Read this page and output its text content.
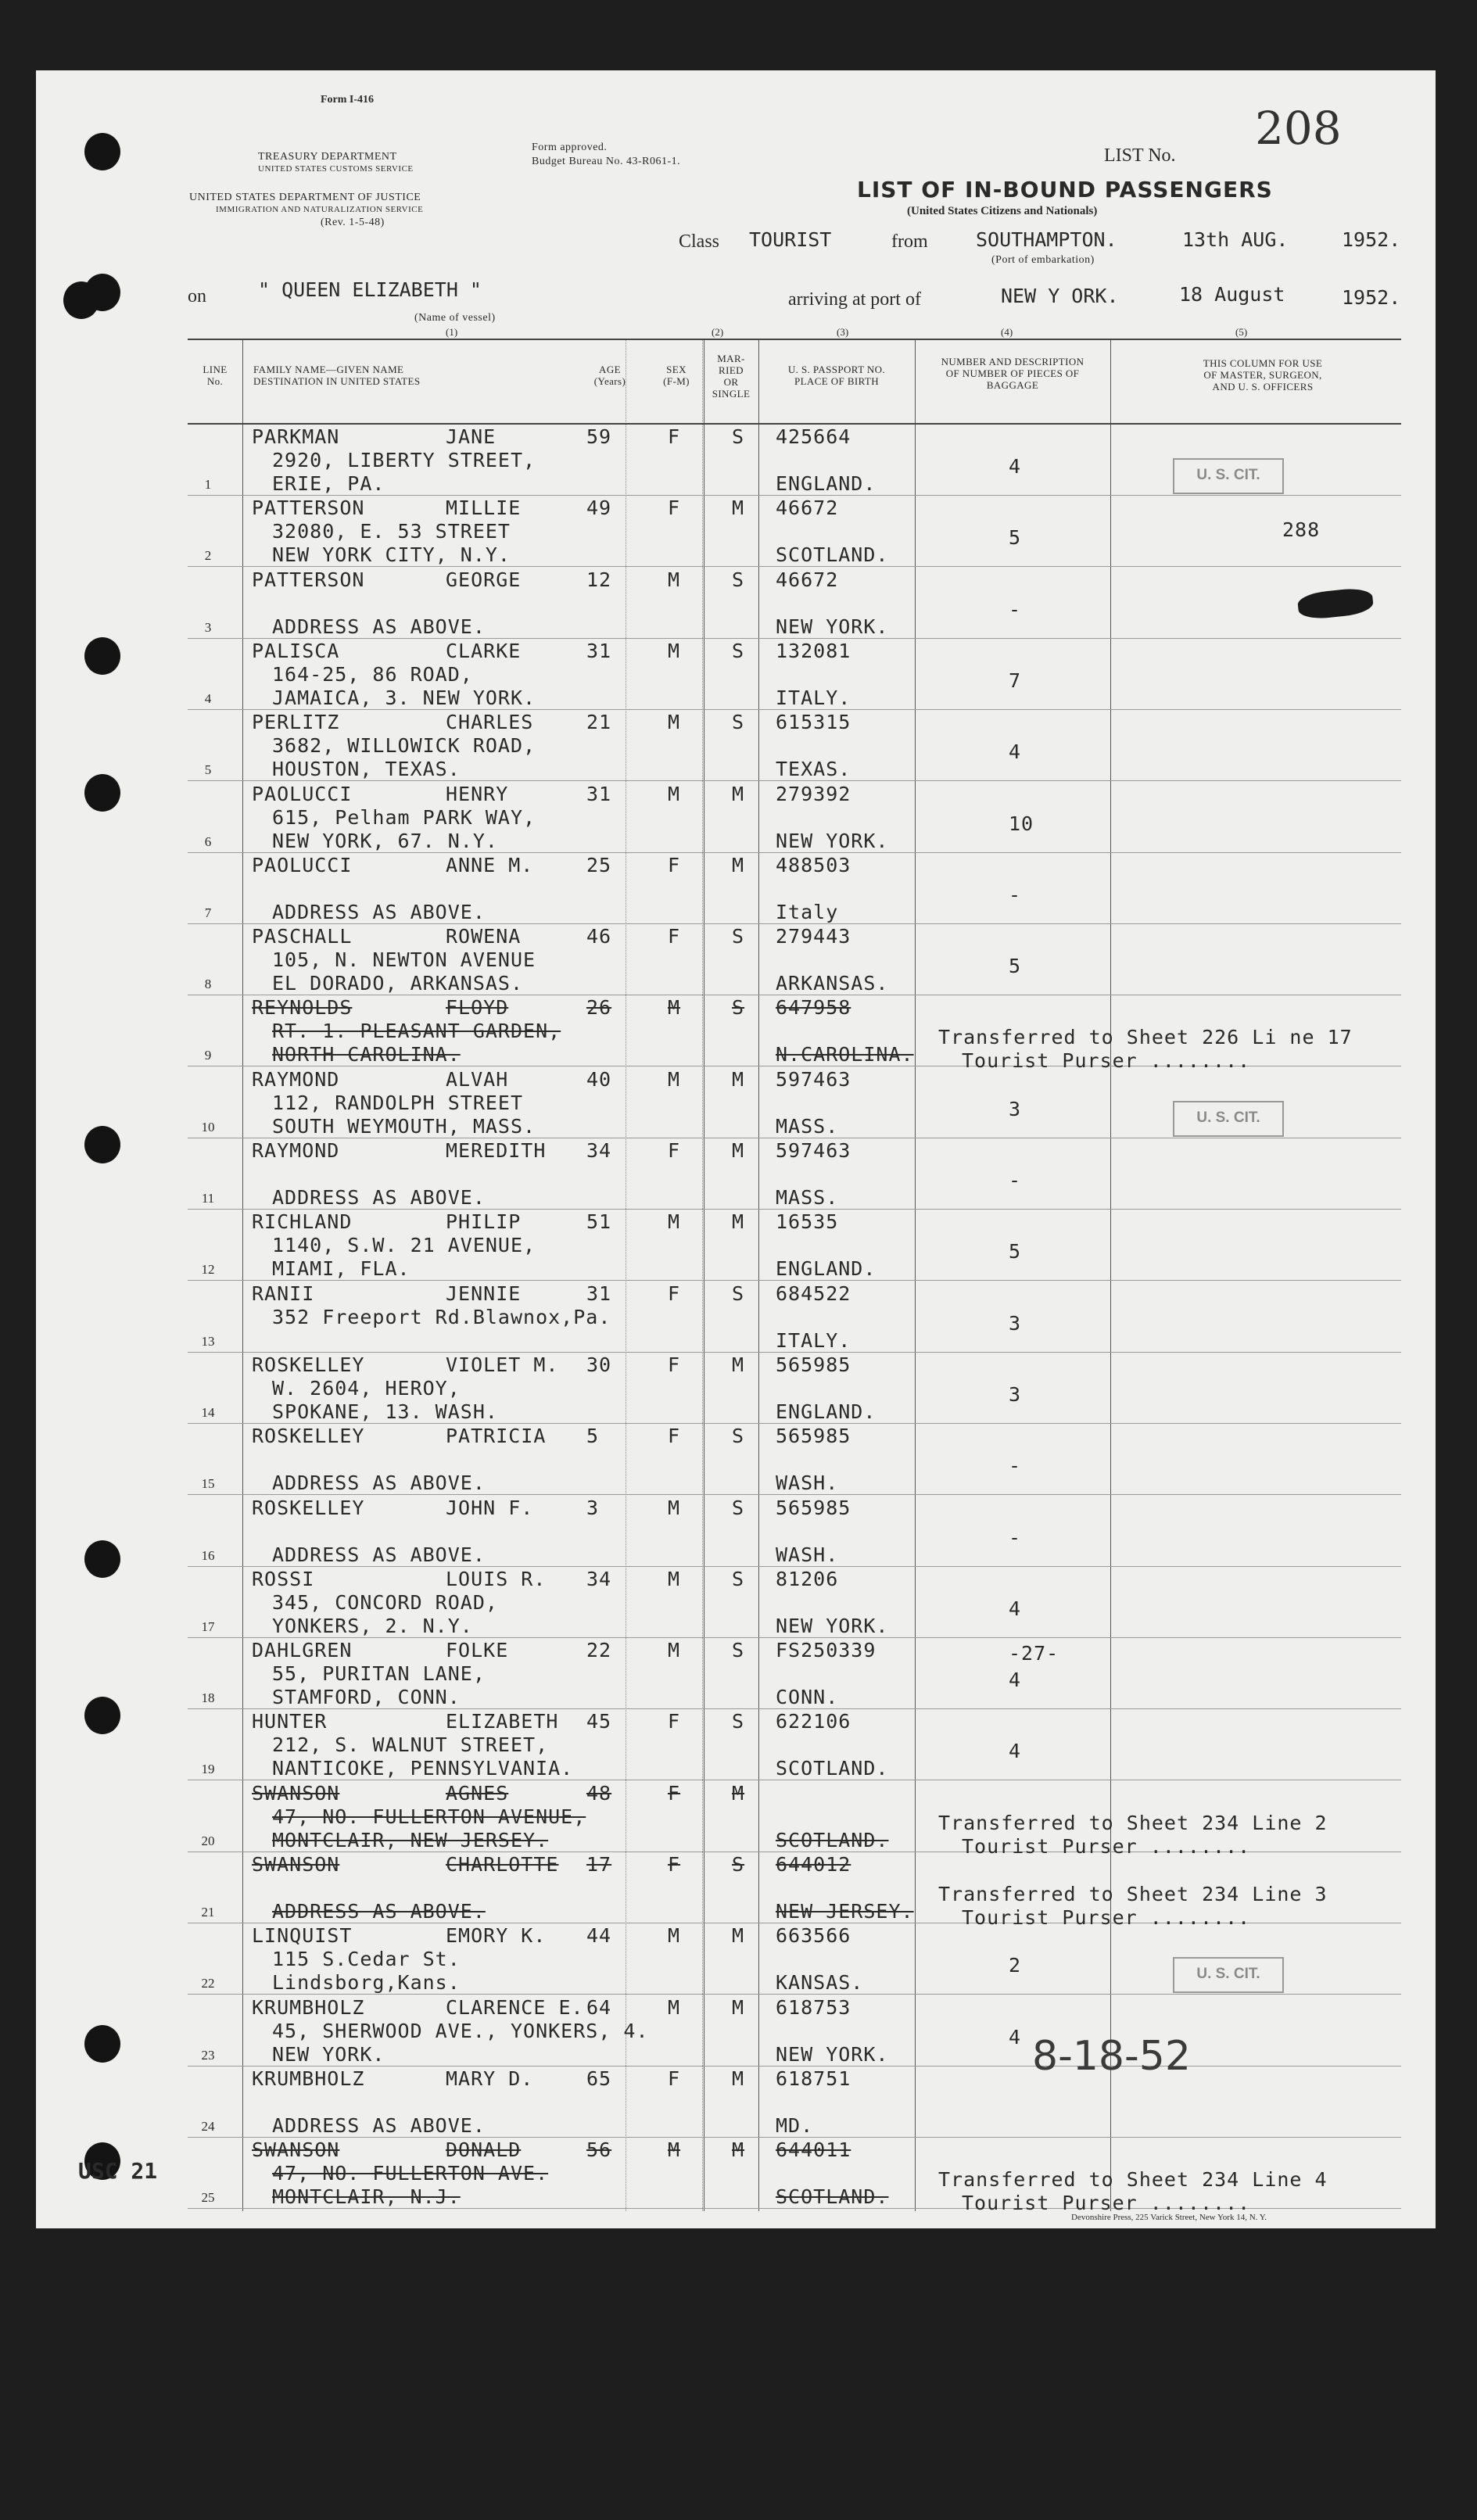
Form I-416
TREASURY DEPARTMENT
UNITED STATES CUSTOMS SERVICE
UNITED STATES DEPARTMENT OF JUSTICE
IMMIGRATION AND NATURALIZATION SERVICE
(Rev. 1-5-48)
Form approved.
Budget Bureau No. 43-R061-1.	LIST No.
208
LIST OF IN-BOUND PASSENGERS
(United States Citizens and Nationals)
Class TOURIST	from SOUTHAMPTON.	13th AUG.	1952.
(Port of embarkation)
on	" QUEEN ELIZABETH "
(Name of vessel)
arriving at port of	NEW Y ORK.	18 August	1952.
(1)	(2)	(3)	(4)	(5)
LINE
No.
FAMILY NAME—GIVEN NAME
DESTINATION IN UNITED STATES
AGE
(Years)
SEX
(F-M)
MAR-
RIED
OR
SINGLE
U. S. PASSPORT NO.
PLACE OF BIRTH
NUMBER AND DESCRIPTION
OF NUMBER OF PIECES OF
BAGGAGE
THIS COLUMN FOR USE
OF MASTER, SURGEON,
AND U. S. OFFICERS
1
PARKMAN	JANE
2920, LIBERTY STREET,
ERIE, PA.
59	F	S 425664
ENGLAND.
4	U. S. CIT.
2
PATTERSON	MILLIE
32080, E. 53 STREET
NEW YORK CITY, N.Y.
49	F	M 46672
SCOTLAND.
5	288
3
PATTERSON	GEORGE
ADDRESS AS ABOVE.
12	M	S 46672
NEW YORK.
-
4
PALISCA	CLARKE
164-25, 86 ROAD,
JAMAICA, 3. NEW YORK.
31	M	S 132081
ITALY.
7
5
PERLITZ	CHARLES
3682, WILLOWICK ROAD,
HOUSTON, TEXAS.
21	M	S 615315
TEXAS.
4
6
PAOLUCCI	HENRY
615, Pelham PARK WAY,
NEW YORK, 67. N.Y.
31	M	M 279392
NEW YORK.
10
7
PAOLUCCI	ANNE M.
ADDRESS AS ABOVE.
25	F	M 488503
Italy
-
8
PASCHALL	ROWENA
105, N. NEWTON AVENUE
EL DORADO, ARKANSAS.
46	F	S 279443
ARKANSAS.
5
9
REYNOLDS	FLOYD
RT. 1. PLEASANT GARDEN,
NORTH CAROLINA.
26	M	S 647958
N.CAROLINA.
Transferred to Sheet 226 Li ne 17
Tourist Purser ........
10
RAYMOND	ALVAH
112, RANDOLPH STREET
SOUTH WEYMOUTH, MASS.
40	M	M 597463
MASS.
3	U. S. CIT.
11
RAYMOND	MEREDITH
ADDRESS AS ABOVE.
34	F	M 597463
MASS.
-
12
RICHLAND	PHILIP
1140, S.W. 21 AVENUE,
MIAMI, FLA.
51	M	M 16535
ENGLAND.
5
13
RANII	JENNIE
352 Freeport Rd.Blawnox,Pa.
31	F	S 684522
ITALY.
3
14
ROSKELLEY	VIOLET M.
W. 2604, HEROY,
SPOKANE, 13. WASH.
30	F	M 565985
ENGLAND.
3
15
ROSKELLEY	PATRICIA
ADDRESS AS ABOVE.
5	F	S 565985
WASH.
-
16
ROSKELLEY	JOHN F.
ADDRESS AS ABOVE.
3	M	S 565985
WASH.
-
17
ROSSI	LOUIS R.
345, CONCORD ROAD,
YONKERS, 2. N.Y.
34	M	S 81206
NEW YORK.
4
18
DAHLGREN	FOLKE
55, PURITAN LANE,
STAMFORD, CONN.
22	M	S FS250339
CONN.
4
-27-
19
HUNTER	ELIZABETH
212, S. WALNUT STREET,
NANTICOKE, PENNSYLVANIA.
45	F	S 622106
SCOTLAND.
4
20
SWANSON	AGNES
47, NO. FULLERTON AVENUE,
MONTCLAIR, NEW JERSEY.
48	F	M
SCOTLAND.
Transferred to Sheet 234 Line 2
Tourist Purser ........
21
SWANSON	CHARLOTTE
ADDRESS AS ABOVE.
17	F	S 644012
NEW JERSEY.
Transferred to Sheet 234 Line 3
Tourist Purser ........
22
LINQUIST	EMORY K.
115 S.Cedar St.
Lindsborg,Kans.
44	M	M 663566
KANSAS.
2	U. S. CIT.
23
KRUMBHOLZ	CLARENCE E.
45, SHERWOOD AVE., YONKERS, 4.
NEW YORK.
64	M	M 618753
NEW YORK.
4
24
KRUMBHOLZ	MARY D.
ADDRESS AS ABOVE.
65	F	M 618751
MD.
25
SWANSON	DONALD
47, NO. FULLERTON AVE.
MONTCLAIR, N.J.
56	M	M 644011
SCOTLAND.
Transferred to Sheet 234 Line 4
Tourist Purser ........
8-18-52
USC 21
Devonshire Press, 225 Varick Street, New York 14, N. Y.
